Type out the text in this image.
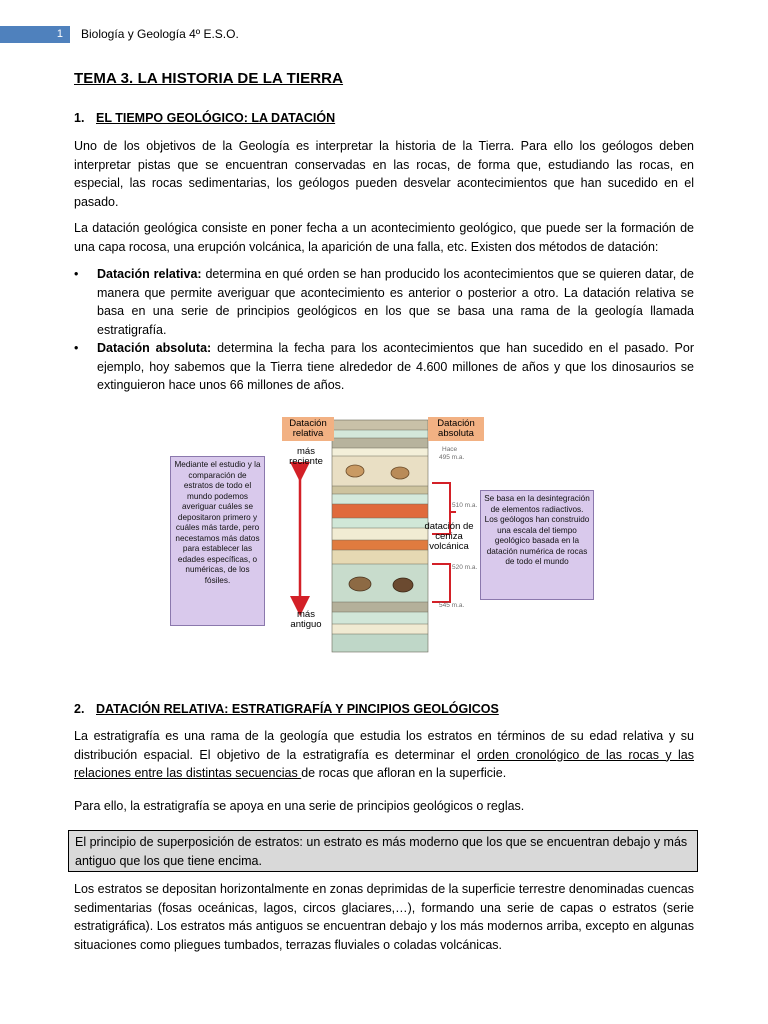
1	Biología y Geología 4º E.S.O.
TEMA 3. LA HISTORIA DE LA TIERRA
1. EL TIEMPO GEOLÓGICO: LA DATACIÓN
Uno de los objetivos de la Geología es interpretar la historia de la Tierra. Para ello los geólogos deben interpretar pistas que se encuentran conservadas en las rocas, de forma que, estudiando las rocas, en especial, las rocas sedimentarias, los geólogos pueden desvelar acontecimientos que han sucedido en el pasado.
La datación geológica consiste en poner fecha a un acontecimiento geológico, que puede ser la formación de una capa rocosa, una erupción volcánica, la aparición de una falla, etc. Existen dos métodos de datación:

• Datación relativa: determina en qué orden se han producido los acontecimientos que se quieren datar, de manera que permite averiguar que acontecimiento es anterior o posterior a otro. La datación relativa se basa en una serie de principios geológicos en los que se basa una rama de la geología llamada estratigrafía.

• Datación absoluta: determina la fecha para los acontecimientos que han sucedido en el pasado. Por ejemplo, hoy sabemos que la Tierra tiene alrededor de 4.600 millones de años y que los dinosaurios se extinguieron hace unos 66 millones de años.

Datación relativa
Datación absoluta
más reciente
más antiguo
datación de ceniza volcánica
Hace
495 m.a.
510 m.a.
520 m.a.
545 m.a.
Mediante el estudio y la comparación de estratos de todo el mundo podemos averiguar cuáles se depositaron primero y cuáles más tarde, pero necestamos más datos para establecer las edades específicas, o numéricas, de los fósiles.
Se basa en la desintegración de elementos radiactivos. Los geólogos han construido una escala del tiempo geológico basada en la datación numérica de rocas de todo el mundo
2. DATACIÓN RELATIVA: ESTRATIGRAFÍA Y PINCIPIOS GEOLÓGICOS
La estratigrafía es una rama de la geología que estudia los estratos en términos de su edad relativa y su distribución espacial. El objetivo de la estratigrafía es determinar el orden cronológico de las rocas y las relaciones entre las distintas secuencias de rocas que afloran en la superficie.
Para ello, la estratigrafía se apoya en una serie de principios geológicos o reglas.
El principio de superposición de estratos: un estrato es más moderno que los que se encuentran debajo y más antiguo que los que tiene encima.
Los estratos se depositan horizontalmente en zonas deprimidas de la superficie terrestre denominadas cuencas sedimentarias (fosas oceánicas, lagos, circos glaciares,…), formando una serie de capas o estratos (serie estratigráfica). Los estratos más antiguos se encuentran debajo y los más modernos arriba, excepto en algunas situaciones como pliegues tumbados, terrazas fluviales o coladas volcánicas.
